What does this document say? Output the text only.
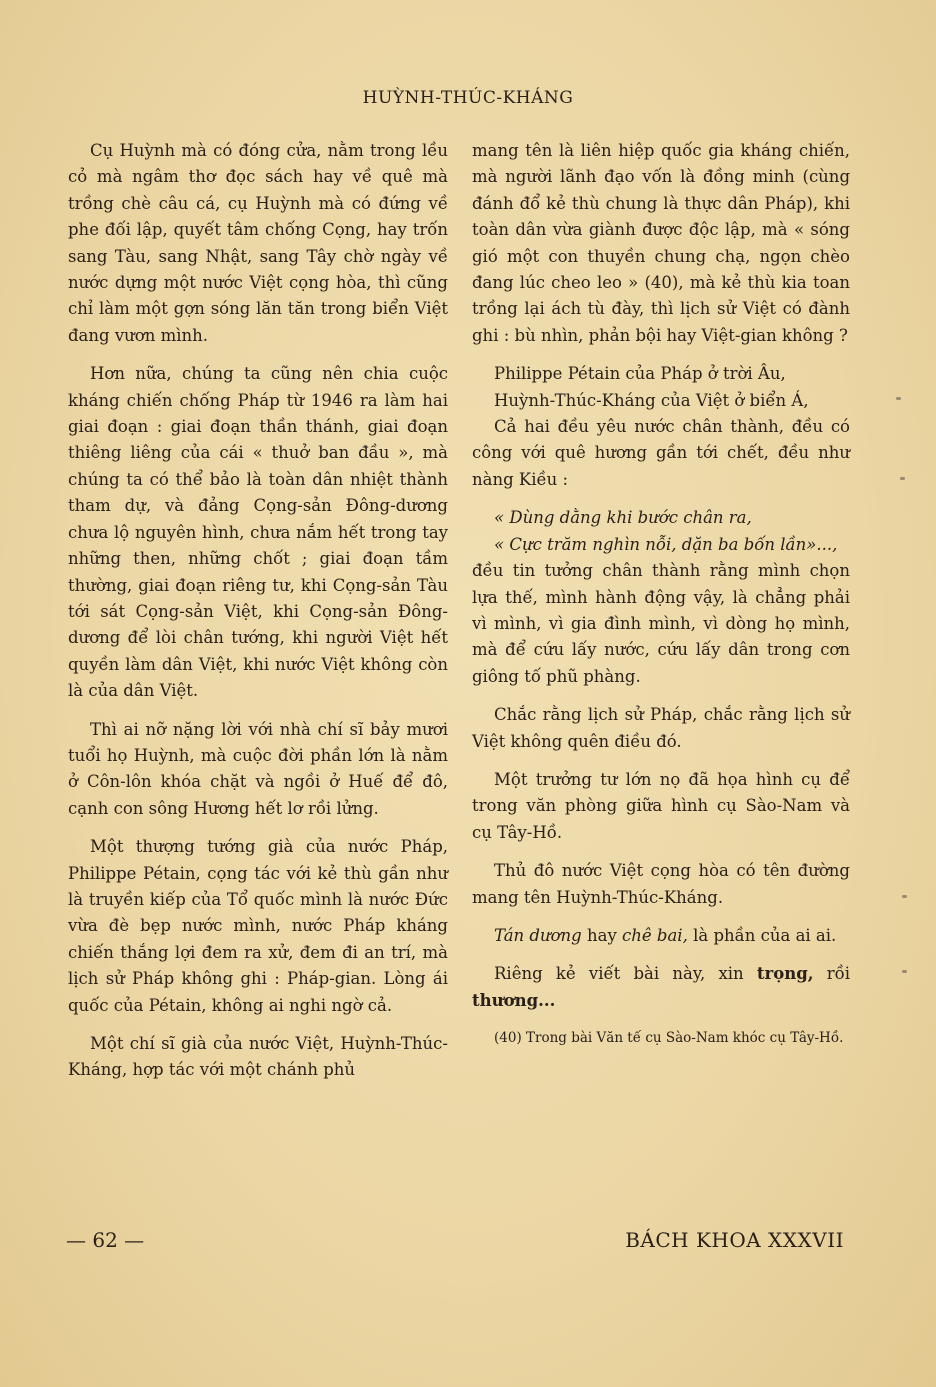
HUỲNH-THÚC-KHÁNG

Cụ Huỳnh mà có đóng cửa, nằm trong lều cỏ mà ngâm thơ đọc sách hay về quê mà trồng chè câu cá, cụ Huỳnh mà có đứng về phe đối lập, quyết tâm chống Cọng, hay trốn sang Tàu, sang Nhật, sang Tây chờ ngày về nước dựng một nước Việt cọng hòa, thì cũng chỉ làm một gợn sóng lăn tăn trong biển Việt đang vươn mình.

Hơn nữa, chúng ta cũng nên chia cuộc kháng chiến chống Pháp từ 1946 ra làm hai giai đoạn : giai đoạn thần thánh, giai đoạn thiêng liêng của cái « thuở ban đầu », mà chúng ta có thể bảo là toàn dân nhiệt thành tham dự, và đảng Cọng-sản Đông-dương chưa lộ nguyên hình, chưa nắm hết trong tay những then, những chốt ; giai đoạn tầm thường, giai đoạn riêng tư, khi Cọng-sản Tàu tới sát Cọng-sản Việt, khi Cọng-sản Đông-dương để lòi chân tướng, khi người Việt hết quyền làm dân Việt, khi nước Việt không còn là của dân Việt.

Thì ai nỡ nặng lời với nhà chí sĩ bảy mươi tuổi họ Huỳnh, mà cuộc đời phần lớn là nằm ở Côn-lôn khóa chặt và ngồi ở Huế để đô, cạnh con sông Hương hết lơ rồi lửng.

Một thượng tướng già của nước Pháp, Philippe Pétain, cọng tác với kẻ thù gần như là truyền kiếp của Tổ quốc mình là nước Đức vừa đè bẹp nước mình, nước Pháp kháng chiến thắng lợi đem ra xử, đem đi an trí, mà lịch sử Pháp không ghi : Pháp-gian. Lòng ái quốc của Pétain, không ai nghi ngờ cả.

Một chí sĩ già của nước Việt, Huỳnh-Thúc-Kháng, hợp tác với một chánh phủ

mang tên là liên hiệp quốc gia kháng chiến, mà người lãnh đạo vốn là đồng minh (cùng đánh đổ kẻ thù chung là thực dân Pháp), khi toàn dân vừa giành được độc lập, mà « sóng gió một con thuyền chung chạ, ngọn chèo đang lúc cheo leo » (40), mà kẻ thù kia toan trồng lại ách tù đày, thì lịch sử Việt có đành ghi : bù nhìn, phản bội hay Việt-gian không ?

Philippe Pétain của Pháp ở trời Âu,

Huỳnh-Thúc-Kháng của Việt ở biển Á,

Cả hai đều yêu nước chân thành, đều có công với quê hương gần tới chết, đều như nàng Kiều :

« Dùng dằng khi bước chân ra,

« Cực trăm nghìn nỗi, dặn ba bốn lần»...,

đều tin tưởng chân thành rằng mình chọn lựa thế, mình hành động vậy, là chẳng phải vì mình, vì gia đình mình, vì dòng họ mình, mà để cứu lấy nước, cứu lấy dân trong cơn giông tố phũ phàng.

Chắc rằng lịch sử Pháp, chắc rằng lịch sử Việt không quên điều đó.

Một trưởng tư lớn nọ đã họa hình cụ để trong văn phòng giữa hình cụ Sào-Nam và cụ Tây-Hồ.

Thủ đô nước Việt cọng hòa có tên đường mang tên Huỳnh-Thúc-Kháng.

Tán dương hay chê bai, là phần của ai ai.

Riêng kẻ viết bài này, xin trọng, rồi thương...

(40) Trong bài Văn tế cụ Sào-Nam khóc cụ Tây-Hồ.

— 62 —	BÁCH KHOA XXXVII
